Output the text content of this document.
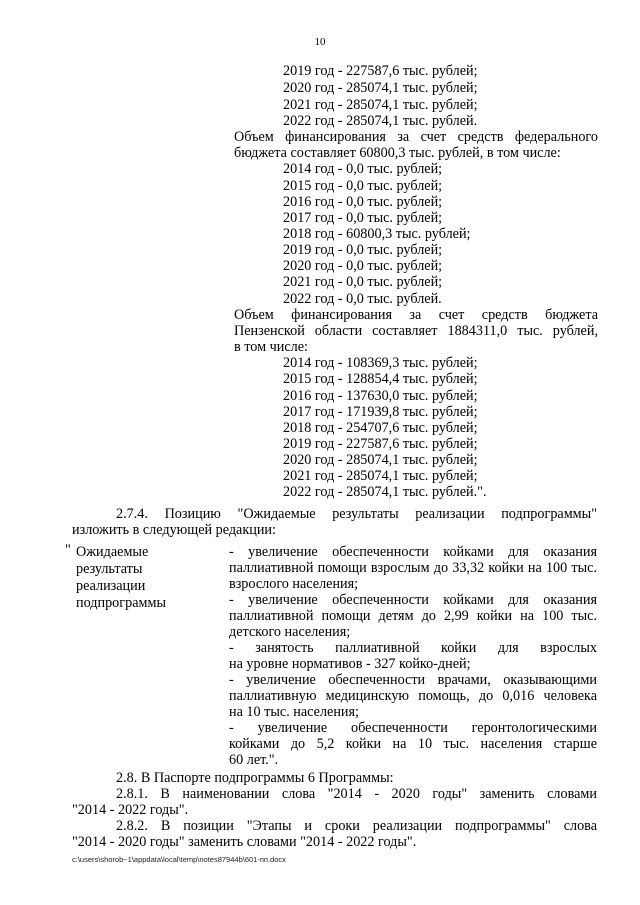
10
2019 год - 227587,6 тыс. рублей;
2020 год - 285074,1 тыс. рублей;
2021 год - 285074,1 тыс. рублей;
2022 год - 285074,1 тыс. рублей.
Объем финансирования за счет средств федерального
бюджета составляет 60800,3 тыс. рублей, в том числе:
2014 год - 0,0 тыс. рублей;
2015 год - 0,0 тыс. рублей;
2016 год - 0,0 тыс. рублей;
2017 год - 0,0 тыс. рублей;
2018 год - 60800,3 тыс. рублей;
2019 год - 0,0 тыс. рублей;
2020 год - 0,0 тыс. рублей;
2021 год - 0,0 тыс. рублей;
2022 год - 0,0 тыс. рублей.
Объем финансирования за счет средств бюджета
Пензенской области составляет 1884311,0 тыс. рублей,
в том числе:
2014 год - 108369,3 тыс. рублей;
2015 год - 128854,4 тыс. рублей;
2016 год - 137630,0 тыс. рублей;
2017 год - 171939,8 тыс. рублей;
2018 год - 254707,6 тыс. рублей;
2019 год - 227587,6 тыс. рублей;
2020 год - 285074,1 тыс. рублей;
2021 год - 285074,1 тыс. рублей;
2022 год - 285074,1 тыс. рублей.".
2.7.4. Позицию "Ожидаемые результаты реализации подпрограммы"
изложить в следующей редакции:
" Ожидаемые
результаты
реализации
подпрограммы
- увеличение обеспеченности койками для оказания
паллиативной помощи взрослым до 33,32 койки на 100 тыс.
взрослого населения;
- увеличение обеспеченности койками для оказания
паллиативной помощи детям до 2,99 койки на 100 тыс.
детского населения;
- занятость паллиативной койки для взрослых
на уровне нормативов - 327 койко-дней;
- увеличение обеспеченности врачами, оказывающими
паллиативную медицинскую помощь, до 0,016 человека
на 10 тыс. населения;
- увеличение обеспеченности геронтологическими
койками до 5,2 койки на 10 тыс. населения старше
60 лет.".
2.8. В Паспорте подпрограммы 6 Программы:
2.8.1. В наименовании слова "2014 - 2020 годы" заменить словами
"2014 - 2022 годы".
2.8.2. В позиции "Этапы и сроки реализации подпрограммы" слова
"2014 - 2020 годы" заменить словами "2014 - 2022 годы".
c:\users\shorob~1\appdata\local\temp\notes87944b\601-пп.docx
